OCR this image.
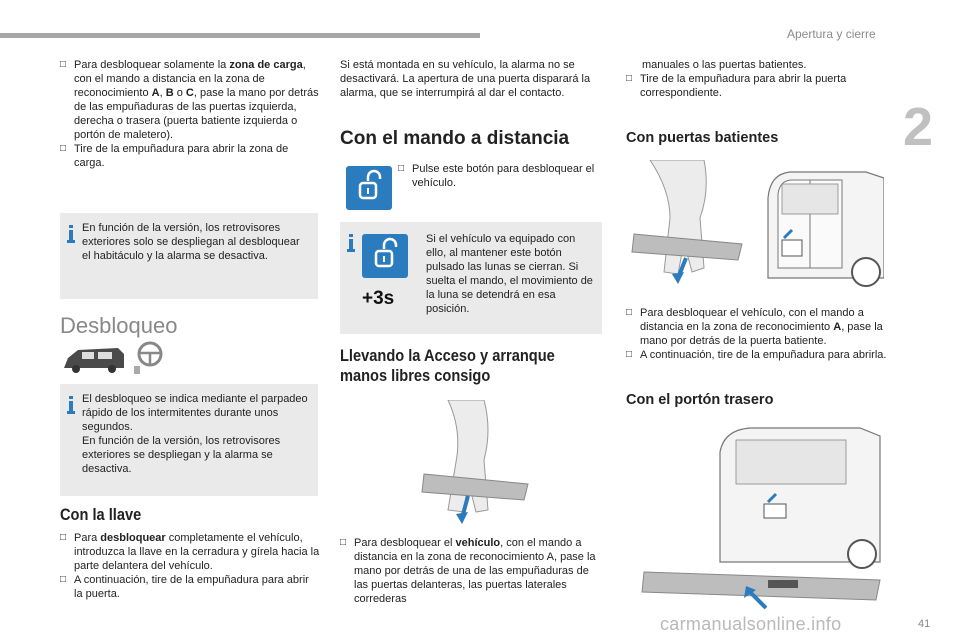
Apertura y cierre
2
41
carmanualsonline.info
□ Para desbloquear solamente la zona de carga, con el mando a distancia en la zona de reconocimiento A, B o C, pase la mano por detrás de las empuñaduras de las puertas izquierda, derecha o trasera (puerta batiente izquierda o portón de maletero).

□ Tire de la empuñadura para abrir la zona de carga.

En función de la versión, los retrovisores exteriores solo se despliegan al desbloquear el habitáculo y la alarma se desactiva.

Desbloqueo

El desbloqueo se indica mediante el parpadeo rápido de los intermitentes durante unos segundos.

En función de la versión, los retrovisores exteriores se despliegan y la alarma se desactiva.

Con la llave
□ Para desbloquear completamente el vehículo, introduzca la llave en la cerradura y gírela hacia la parte delantera del vehículo.

□ A continuación, tire de la empuñadura para abrir la puerta.

Si está montada en su vehículo, la alarma no se desactivará. La apertura de una puerta disparará la alarma, que se interrumpirá al dar el contacto.

Con el mando a distancia
□ Pulse este botón para desbloquear el vehículo.

+3s

Si el vehículo va equipado con ello, al mantener este botón pulsado las lunas se cierran. Si suelta el mando, el movimiento de la luna se detendrá en esa posición.

Llevando la Acceso y arranque manos libres consigo
□ Para desbloquear el vehículo, con el mando a distancia en la zona de reconocimiento A, pase la mano por detrás de una de las empuñaduras de las puertas delanteras, las puertas laterales correderas

manuales o las puertas batientes.

□ Tire de la empuñadura para abrir la puerta correspondiente.

Con puertas batientes
□ Para desbloquear el vehículo, con el mando a distancia en la zona de reconocimiento A, pase la mano por detrás de la puerta batiente.

□ A continuación, tire de la empuñadura para abrirla.

Con el portón trasero
